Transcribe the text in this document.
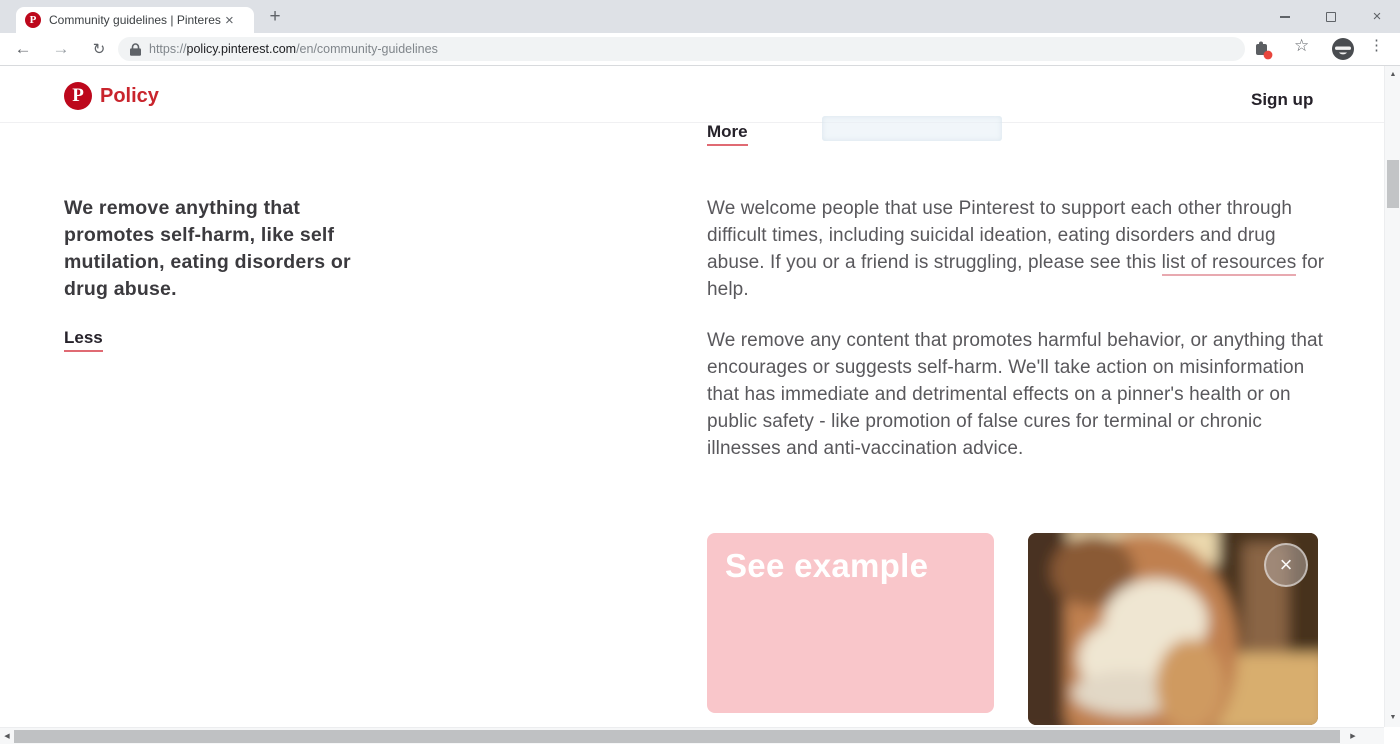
P	Community guidelines | Pinteres ×	+	×
← →	↻	https://policy.pinterest.com/en/community-guidelines	☆	⋮
P Policy	Sign up
More
We remove anything that promotes self-harm, like self mutilation, eating disorders or drug abuse.
Less
We welcome people that use Pinterest to support each other through difficult times, including suicidal ideation, eating disorders and drug abuse. If you or a friend is struggling, please see this list of resources for help.
We remove any content that promotes harmful behavior, or anything that encourages or suggests self-harm. We'll take action on misinformation that has immediate and detrimental effects on a pinner's health or on public safety - like promotion of false cures for terminal or chronic illnesses and anti-vaccination advice.
See example	×
▲
▼
◀	▶
